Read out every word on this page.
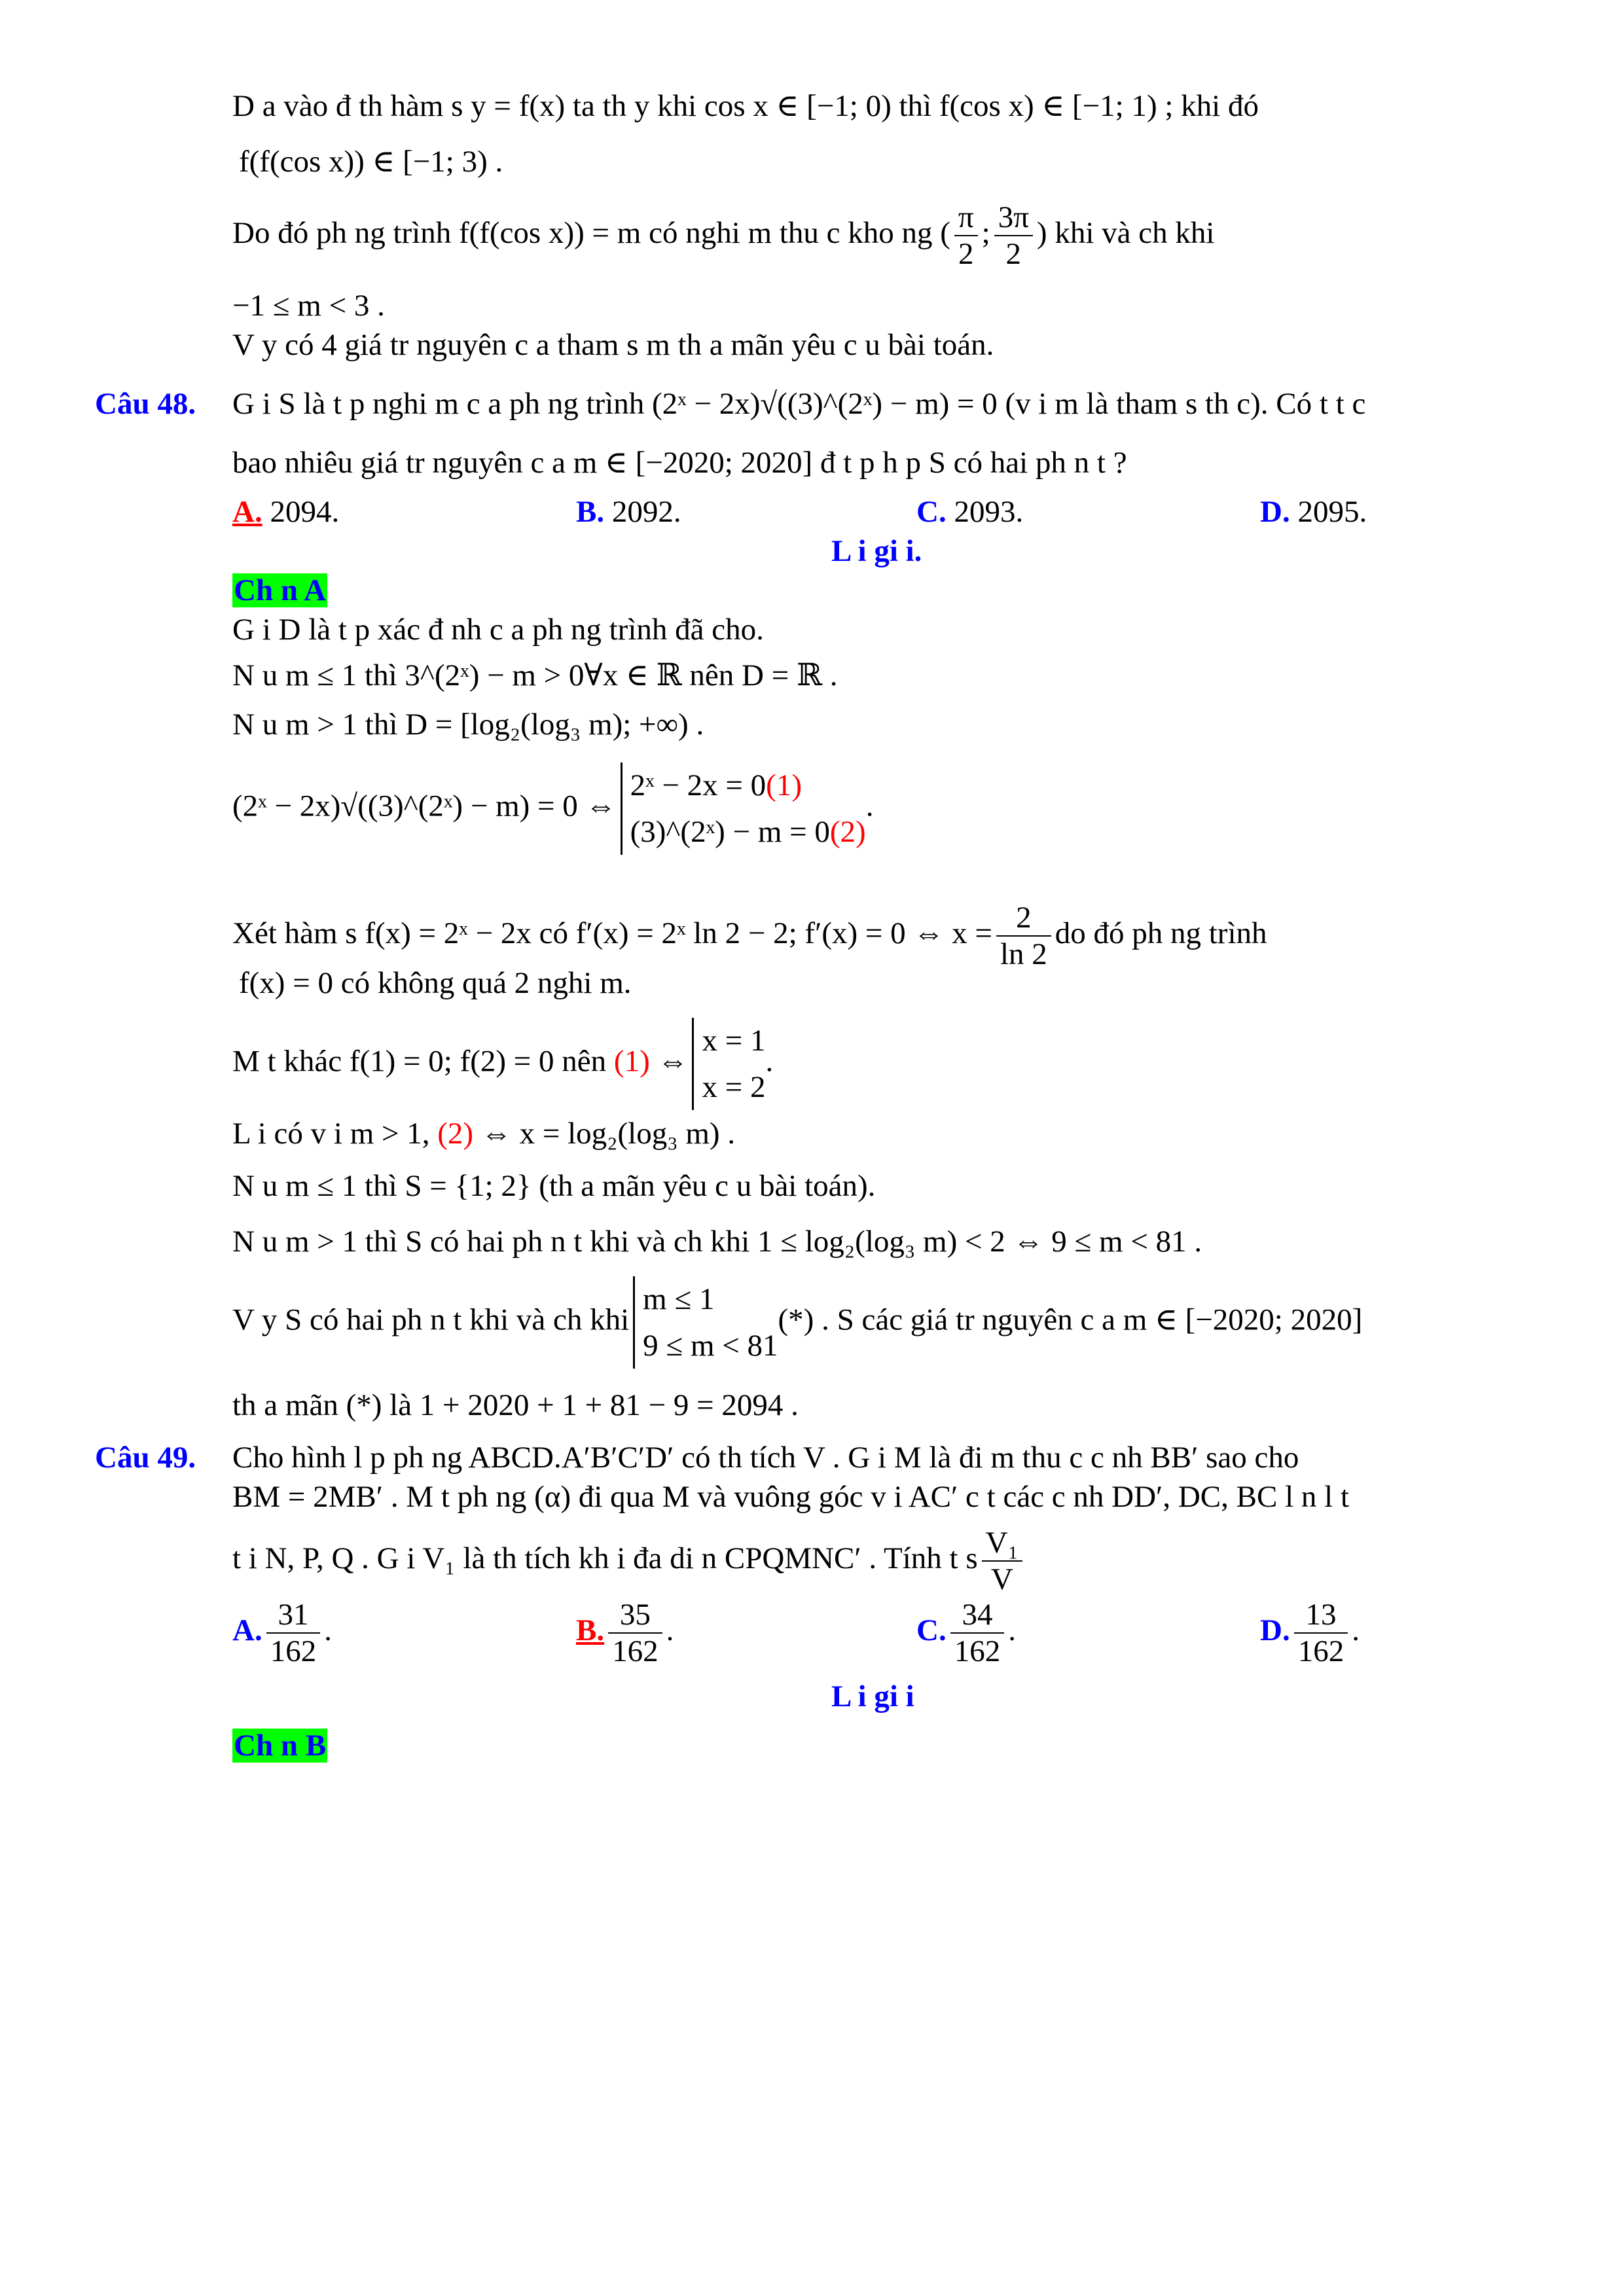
D a vào đ th hàm s y = f(x) ta th y khi cos x ∈ [−1; 0) thì f(cos x) ∈ [−1; 1) ; khi đó
f(f(cos x)) ∈ [−1; 3) .
Do đó ph ng trình f(f(cos x)) = m có nghi m thu c kho ng ( $\frac{\pi}{2}$ ; $\frac{3\pi}{2}$ ) khi và ch khi
−1 ≤ m < 3 .
V y có 4 giá tr nguyên c a tham s m th a mãn yêu c u bài toán.
Câu 48. G i S là t p nghi m c a ph ng trình (2ˣ − 2x)√((3)^(2ˣ) − m) = 0 (v i m là tham s th c). Có t t c
bao nhiêu giá tr nguyên c a m ∈ [−2020; 2020] đ t p h p S có hai ph n t ?
A. 2094.	B. 2092.	C. 2093.	D. 2095.
L i gi i.
Ch n A
G i D là t p xác đ nh c a ph ng trình đã cho.
N u m ≤ 1 thì 3^(2ˣ) − m > 0∀x ∈ ℝ nên D = ℝ .
N u m > 1 thì D = [log₂(log₃ m); +∞) .
(2ˣ − 2x)√((3)^(2ˣ) − m) = 0 ⇔
2ˣ − 2x = 0(1)
(3)^(2ˣ) − m = 0(2)
.
Xét hàm s f(x) = 2ˣ − 2x có f′(x) = 2ˣ ln 2 − 2; f′(x) = 0 ⇔ $x = \frac{2}{\ln 2}$ do đó ph ng trình
f(x) = 0 có không quá 2 nghi m.
M t khác f(1) = 0; f(2) = 0 nên (1) ⇔
x = 1
x = 2
.
L i có v i m > 1, (2) ⇔ x = log₂(log₃ m) .
N u m ≤ 1 thì S = {1; 2} (th a mãn yêu c u bài toán).
N u m > 1 thì S có hai ph n t khi và ch khi 1 ≤ log₂(log₃ m) < 2 ⇔ 9 ≤ m < 81 .
V y S có hai ph n t khi và ch khi
m ≤ 1
9 ≤ m < 81
(*) . S các giá tr nguyên c a m ∈ [−2020; 2020]
th a mãn (*) là 1 + 2020 + 1 + 81 − 9 = 2094 .
Câu 49. Cho hình l p ph ng ABCD.A′B′C′D′ có th tích V . G i M là đi m thu c c nh BB′ sao cho
BM = 2MB′ . M t ph ng (α) đi qua M và vuông góc v i AC′ c t các c nh DD′, DC, BC l n l t
t i N, P, Q . G i V₁ là th tích kh i đa di n CPQMNC′ . Tính t s $\frac{\text{V₁}}{V}$
A. $\frac{31}{162}$ .	B. $\frac{35}{162}$ .	C. $\frac{34}{162}$ .	D. $\frac{13}{162}$ .
L i gi i
Ch n B
